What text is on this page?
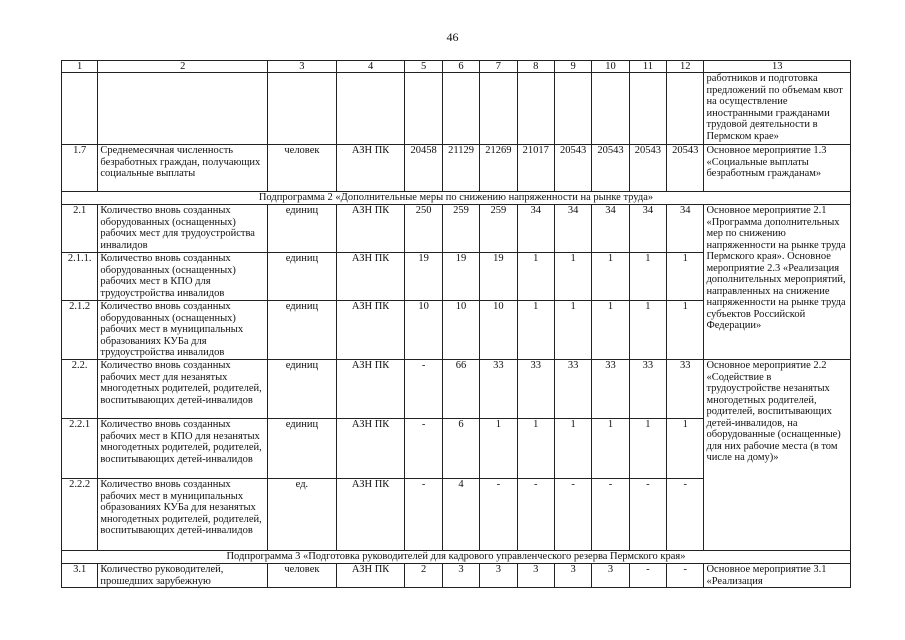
46
1	2	3	4	5	6	7	8	9	10	11	12	13
												работников и подготовка предложений по объемам квот на осуществление иностранными гражданами трудовой деятельности в Пермском крае»
1.7	Среднемесячная численность безработных граждан, получающих социальные выплаты	человек	АЗН ПК	20458	21129	21269	21017	20543	20543	20543	20543	Основное мероприятие 1.3 «Социальные выплаты безработным гражданам»
Подпрограмма 2 «Дополнительные меры по снижению напряженности на рынке труда»												
2.1	Количество вновь созданных оборудованных (оснащенных) рабочих мест для трудоустройства инвалидов	единиц	АЗН ПК	250	259	259	34	34	34	34	34	Основное мероприятие 2.1 «Программа дополнительных мер по снижению напряженности на рынке труда Пермского края». Основное мероприятие 2.3 «Реализация дополнительных мероприятий, направленных на снижение напряженности на рынке труда субъектов Российской Федерации»
2.1.1.	Количество вновь созданных оборудованных (оснащенных) рабочих мест в КПО для трудоустройства инвалидов	единиц	АЗН ПК	19	19	19	1	1	1	1	1	
2.1.2	Количество вновь созданных оборудованных (оснащенных) рабочих мест в муниципальных образованиях КУБа для трудоустройства инвалидов	единиц	АЗН ПК	10	10	10	1	1	1	1	1	
2.2.	Количество вновь созданных рабочих мест для незанятых многодетных родителей, родителей, воспитывающих детей-инвалидов	единиц	АЗН ПК	-	66	33	33	33	33	33	33	Основное мероприятие 2.2 «Содействие в трудоустройстве незанятых многодетных родителей, родителей, воспитывающих детей-инвалидов, на оборудованные (оснащенные) для них рабочие места (в том числе на дому)»
2.2.1	Количество вновь созданных рабочих мест в КПО для незанятых многодетных родителей, родителей, воспитывающих детей-инвалидов	единиц	АЗН ПК	-	6	1	1	1	1	1	1	
2.2.2	Количество вновь созданных рабочих мест в муниципальных образованиях КУБа для незанятых многодетных родителей, родителей, воспитывающих детей-инвалидов	ед.	АЗН ПК	-	4	-	-	-	-	-	-	
Подпрограмма 3 «Подготовка руководителей для кадрового управленческого резерва Пермского края»												
3.1	Количество руководителей, прошедших зарубежную	человек	АЗН ПК	2	3	3	3	3	3	-	-	Основное мероприятие 3.1 «Реализация
